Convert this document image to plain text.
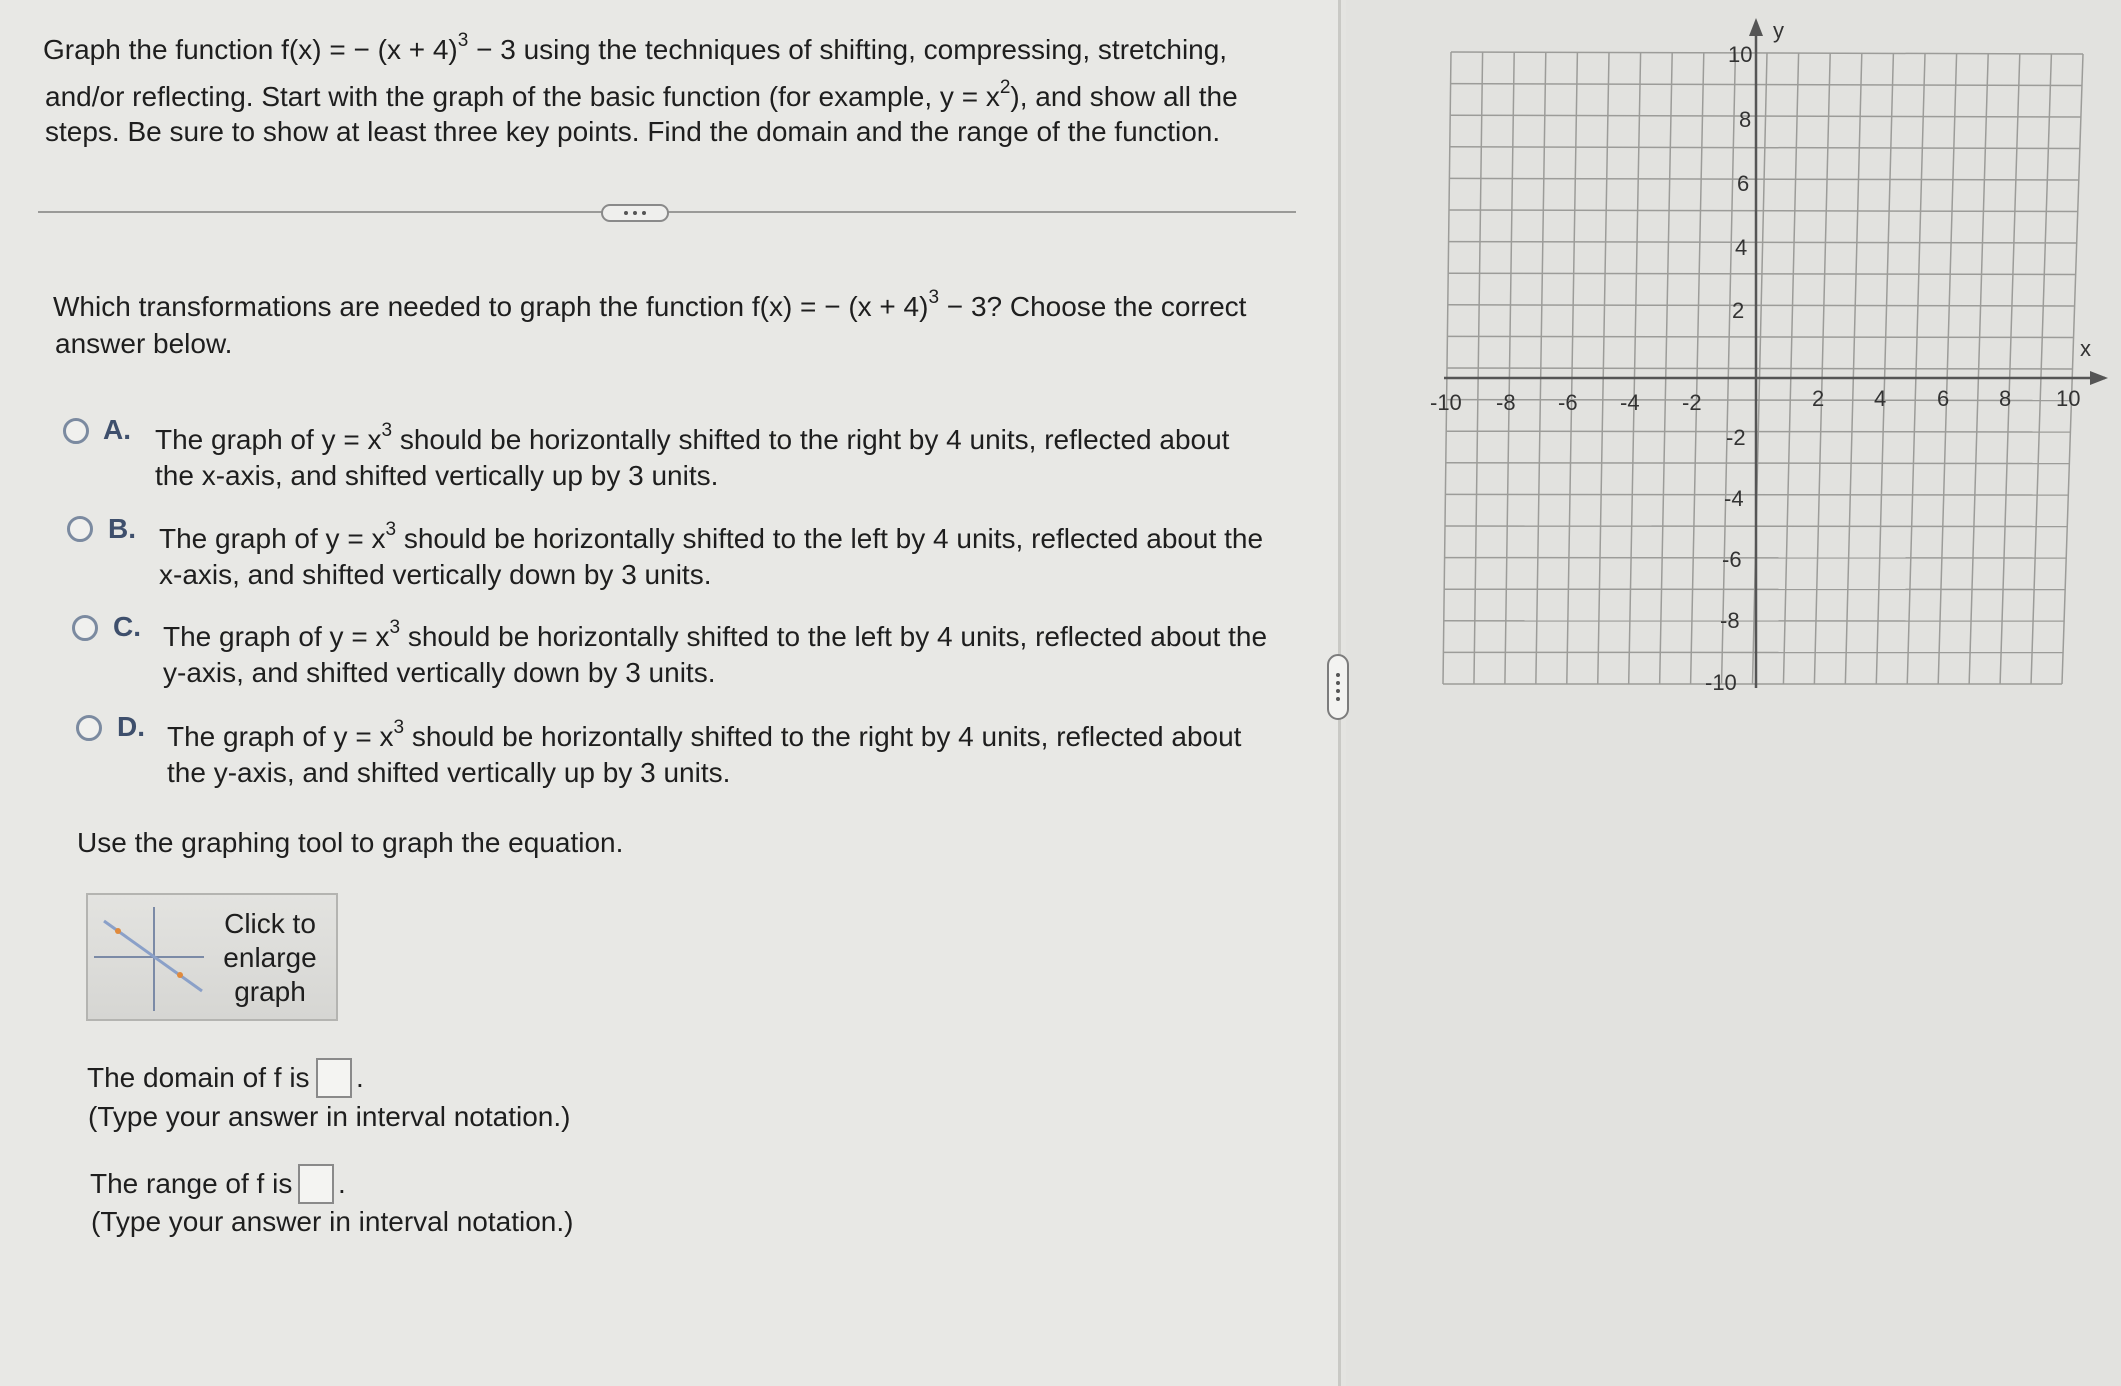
Graph the function f(x) = − $(x + 4)^3 - 3$ using the techniques of shifting, compressing, stretching,
and/or reflecting. Start with the graph of the basic function (for example, $y = x^2$), and show all the
steps. Be sure to show at least three key points. Find the domain and the range of the function.
Which transformations are needed to graph the function f(x) = − $(x + 4)^3 - 3$? Choose the correct
answer below.
A. The graph of $y = x^3$ should be horizontally shifted to the right by 4 units, reflected about
the x-axis, and shifted vertically up by 3 units.
B. The graph of $y = x^3$ should be horizontally shifted to the left by 4 units, reflected about the
x-axis, and shifted vertically down by 3 units.
C. The graph of $y = x^3$ should be horizontally shifted to the left by 4 units, reflected about the
y-axis, and shifted vertically down by 3 units.
D. The graph of $y = x^3$ should be horizontally shifted to the right by 4 units, reflected about
the y-axis, and shifted vertically up by 3 units.
Use the graphing tool to graph the equation.
Click to
enlarge
graph
The domain of f is .
(Type your answer in interval notation.)
The range of f is .
(Type your answer in interval notation.)
x
y
-10 -8 -6 -4 -2	2 4 6 8 10
10
8
6
4
2
-2
-4
-6
-8
-10
